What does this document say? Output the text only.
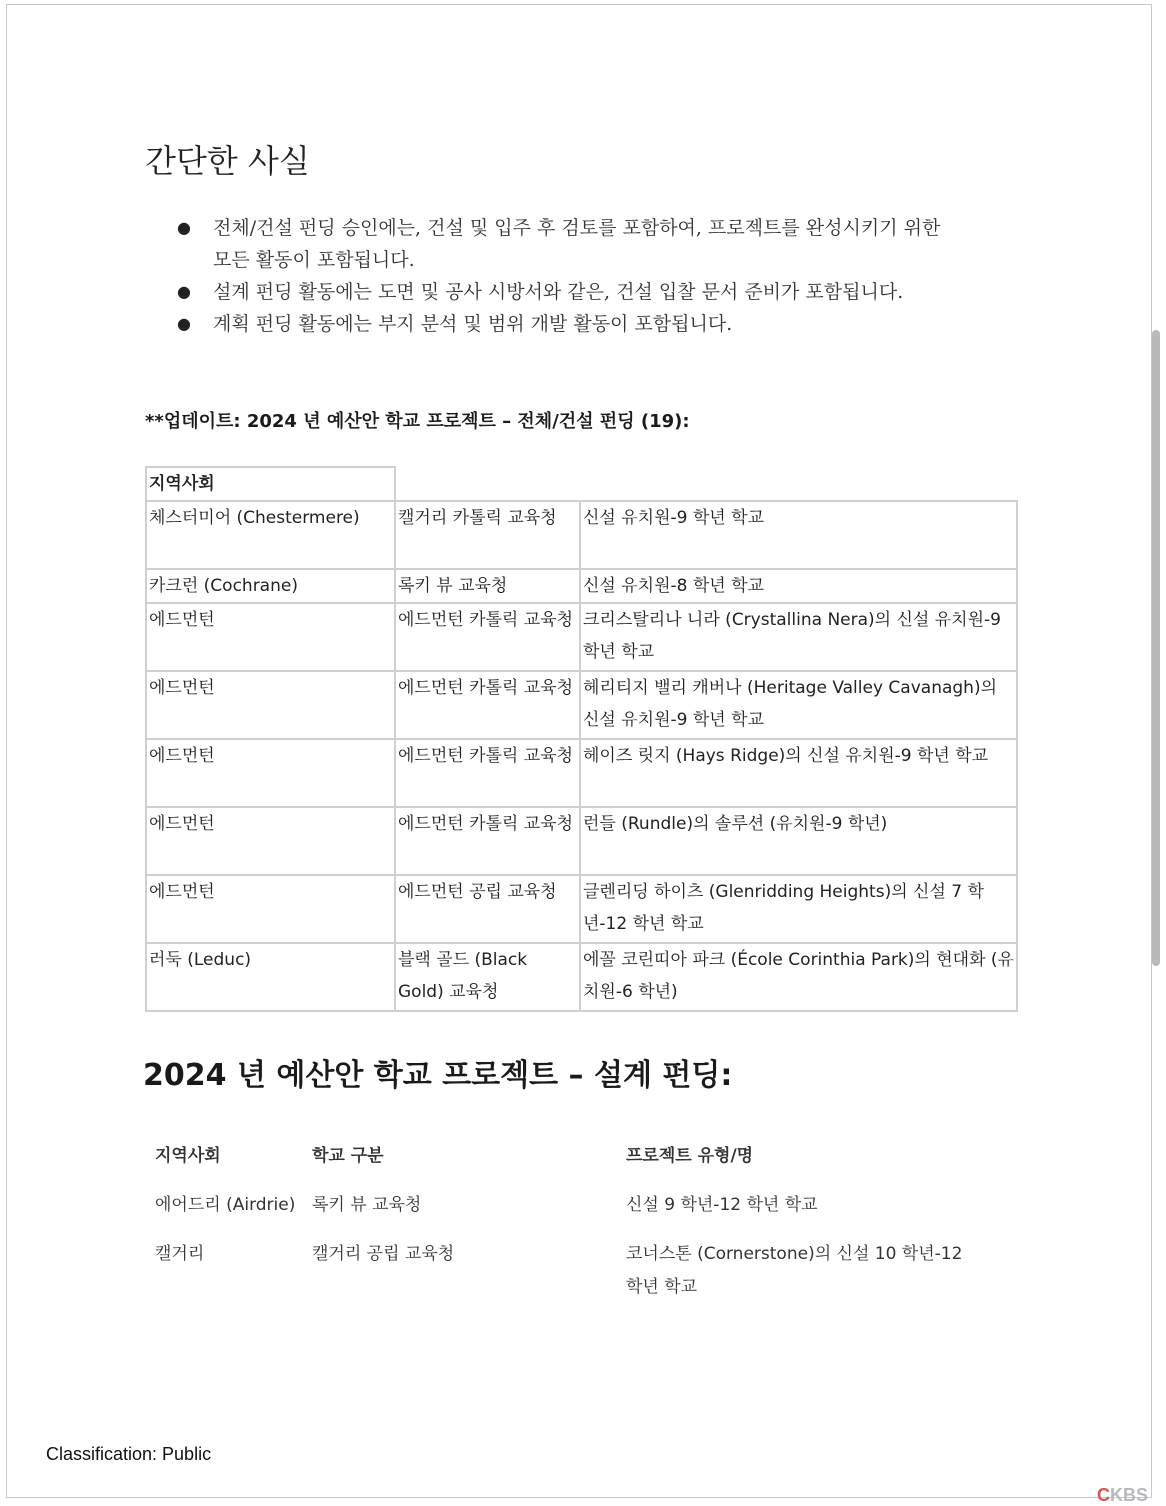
간단한 사실
● 전체/건설 펀딩 승인에는, 건설 및 입주 후 검토를 포함하여, 프로젝트를 완성시키기 위한 모든 활동이 포함됩니다.
● 설계 펀딩 활동에는 도면 및 공사 시방서와 같은, 건설 입찰 문서 준비가 포함됩니다.
● 계획 펀딩 활동에는 부지 분석 및 범위 개발 활동이 포함됩니다.
**업데이트: 2024 년 예산안 학교 프로젝트 – 전체/건설 펀딩 (19):
지역사회		
체스터미어 (Chestermere)	캘거리 카톨릭 교육청	신설 유치원-9 학년 학교
카크런 (Cochrane)	록키 뷰 교육청	신설 유치원-8 학년 학교
에드먼턴	에드먼턴 카톨릭 교육청	크리스탈리나 니라 (Crystallina Nera)의 신설 유치원-9 학년 학교
에드먼턴	에드먼턴 카톨릭 교육청	헤리티지 밸리 캐버나 (Heritage Valley Cavanagh)의 신설 유치원-9 학년 학교
에드먼턴	에드먼턴 카톨릭 교육청	헤이즈 릿지 (Hays Ridge)의 신설 유치원-9 학년 학교
에드먼턴	에드먼턴 카톨릭 교육청	런들 (Rundle)의 솔루션 (유치원-9 학년)
에드먼턴	에드먼턴 공립 교육청	글렌리딩 하이츠 (Glenridding Heights)의 신설 7 학년-12 학년 학교
러둑 (Leduc)	블랙 골드 (Black Gold) 교육청	에꼴 코린띠아 파크 (École Corinthia Park)의 현대화 (유치원-6 학년)
2024 년 예산안 학교 프로젝트 – 설계 펀딩:
지역사회	학교 구분	프로젝트 유형/명
에어드리 (Airdrie)	록키 뷰 교육청	신설 9 학년-12 학년 학교
캘거리	캘거리 공립 교육청	코너스톤 (Cornerstone)의 신설 10 학년-12 학년 학교
Classification: Public
CKBS
